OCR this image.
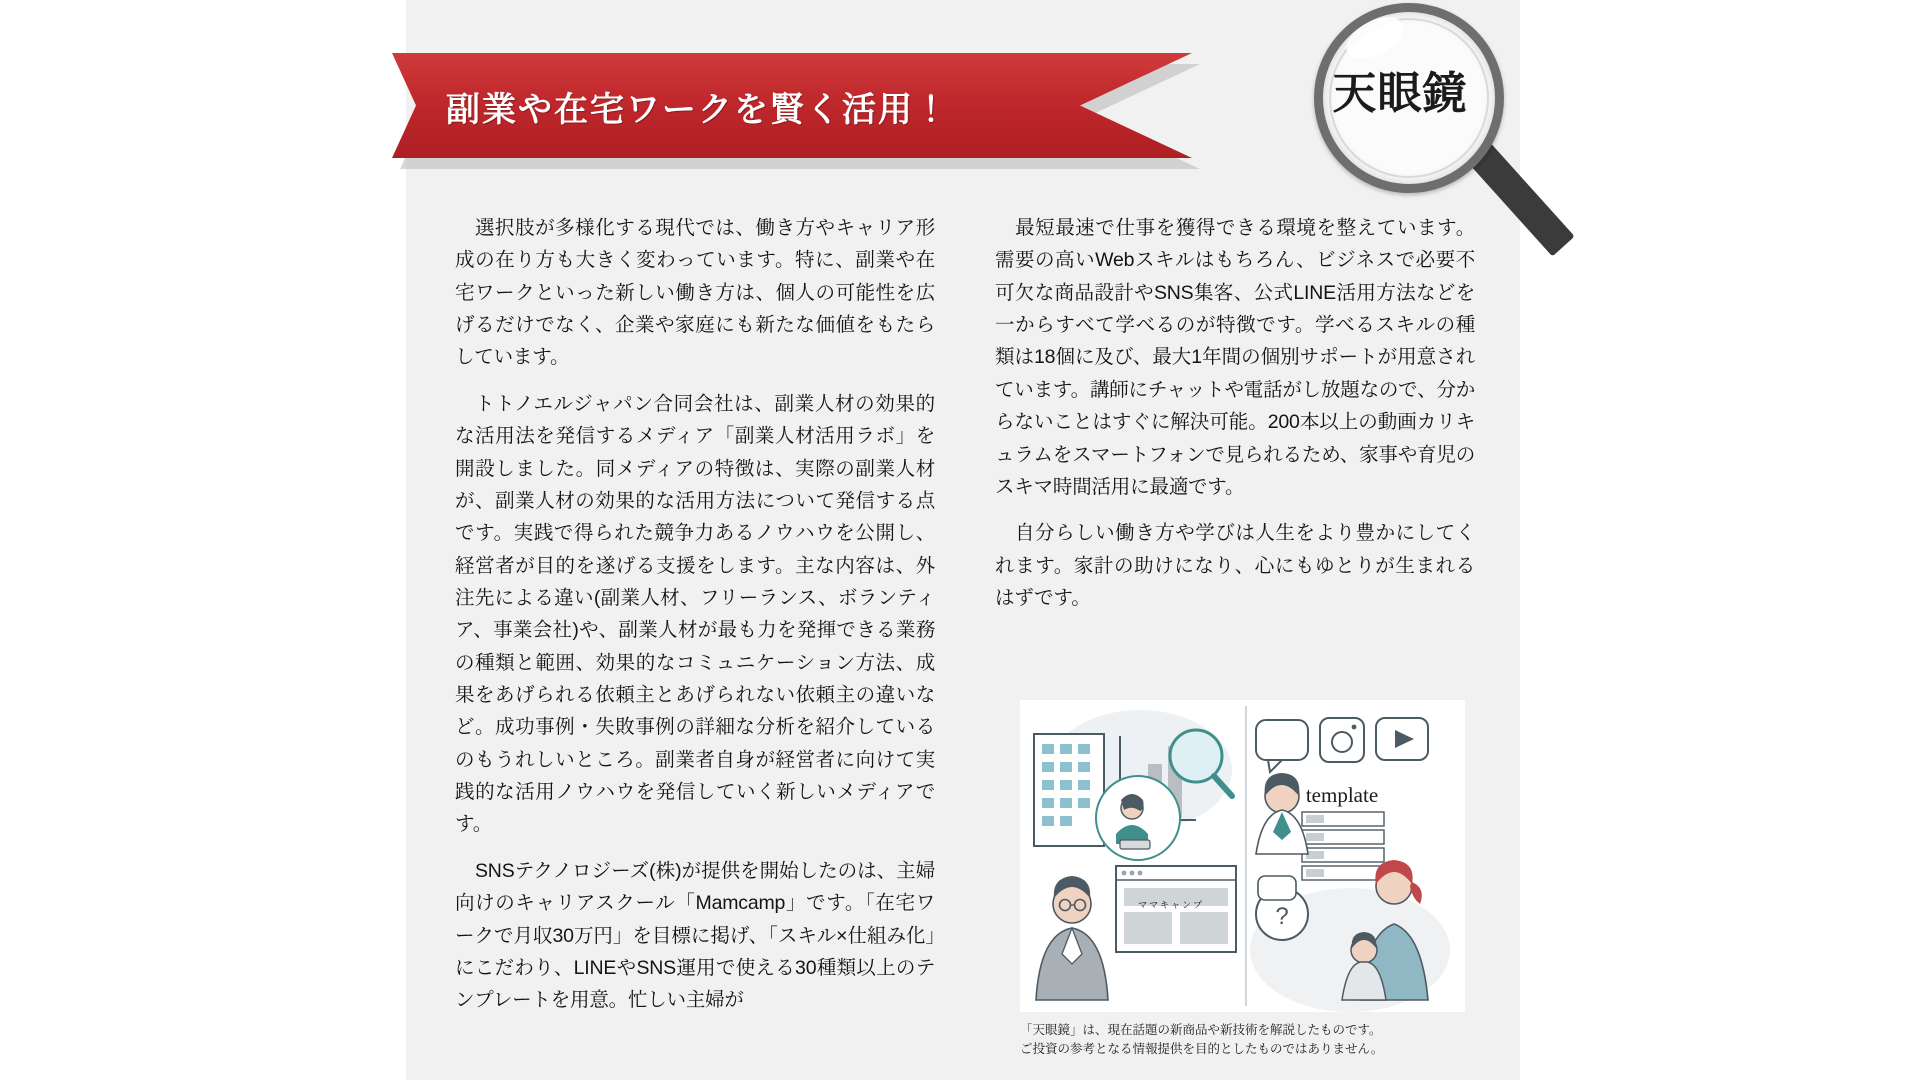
副業や在宅ワークを賢く活用！	天眼鏡

選択肢が多様化する現代では、働き方やキャリア形成の在り方も大きく変わっています。特に、副業や在宅ワークといった新しい働き方は、個人の可能性を広げるだけでなく、企業や家庭にも新たな価値をもたらしています。

トトノエルジャパン合同会社は、副業人材の効果的な活用法を発信するメディア「副業人材活用ラボ」を開設しました。同メディアの特徴は、実際の副業人材が、副業人材の効果的な活用方法について発信する点です。実践で得られた競争力あるノウハウを公開し、経営者が目的を遂げる支援をします。主な内容は、外注先による違い(副業人材、フリーランス、ボランティア、事業会社)や、副業人材が最も力を発揮できる業務の種類と範囲、効果的なコミュニケーション方法、成果をあげられる依頼主とあげられない依頼主の違いなど。成功事例・失敗事例の詳細な分析を紹介しているのもうれしいところ。副業者自身が経営者に向けて実践的な活用ノウハウを発信していく新しいメディアです。

SNSテクノロジーズ(株)が提供を開始したのは、主婦向けのキャリアスクール「Mamcamp」です。「在宅ワークで月収30万円」を目標に掲げ、「スキル×仕組み化」にこだわり、LINEやSNS運用で使える30種類以上のテンプレートを用意。忙しい主婦が

最短最速で仕事を獲得できる環境を整えています。需要の高いWebスキルはもちろん、ビジネスで必要不可欠な商品設計やSNS集客、公式LINE活用方法などを一からすべて学べるのが特徴です。学べるスキルの種類は18個に及び、最大1年間の個別サポートが用意されています。講師にチャットや電話がし放題なので、分からないことはすぐに解決可能。200本以上の動画カリキュラムをスマートフォンで見られるため、家事や育児のスキマ時間活用に最適です。

自分らしい働き方や学びは人生をより豊かにしてくれます。家計の助けになり、心にもゆとりが生まれるはずです。

template
?
ママキャンプ
「天眼鏡」は、現在話題の新商品や新技術を解説したものです。
ご投資の参考となる情報提供を目的としたものではありません。
